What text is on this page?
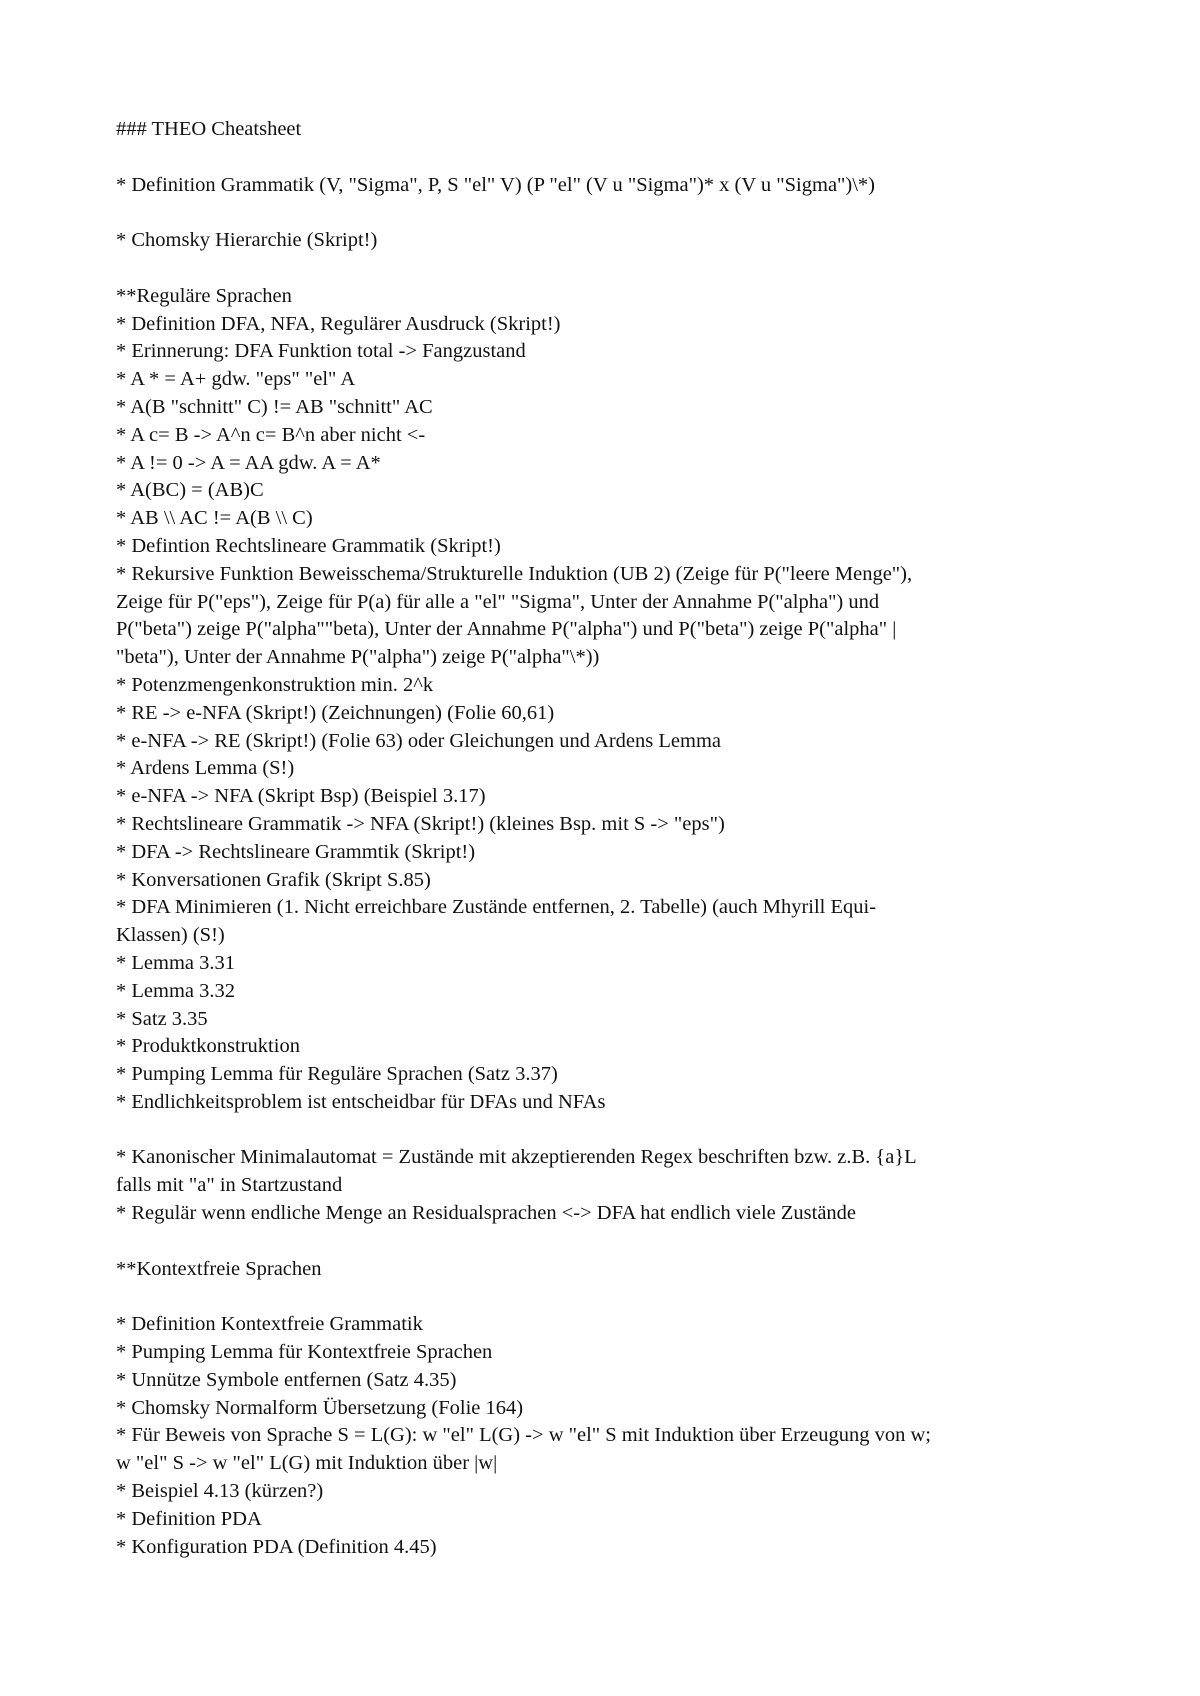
### THEO Cheatsheet

* Definition Grammatik (V, "Sigma", P, S "el" V) (P "el" (V u "Sigma")* x (V u "Sigma")\*)

* Chomsky Hierarchie (Skript!)

**Reguläre Sprachen

* Definition DFA, NFA, Regulärer Ausdruck (Skript!)

* Erinnerung: DFA Funktion total -> Fangzustand

* A * = A+ gdw. "eps" "el" A

* A(B "schnitt" C) != AB "schnitt" AC

* A c= B -> A^n c= B^n aber nicht <-

* A != 0 -> A = AA gdw. A = A*

* A(BC) = (AB)C

* AB \\ AC != A(B \\ C)

* Defintion Rechtslineare Grammatik (Skript!)

* Rekursive Funktion Beweisschema/Strukturelle Induktion (UB 2) (Zeige für P("leere Menge"),

Zeige für P("eps"), Zeige für P(a) für alle a "el" "Sigma", Unter der Annahme P("alpha") und

P("beta") zeige P("alpha""beta), Unter der Annahme P("alpha") und P("beta") zeige P("alpha" |

"beta"), Unter der Annahme P("alpha") zeige P("alpha"\*))

* Potenzmengenkonstruktion min. 2^k

* RE -> e-NFA (Skript!) (Zeichnungen) (Folie 60,61)

* e-NFA -> RE (Skript!) (Folie 63) oder Gleichungen und Ardens Lemma

* Ardens Lemma (S!)

* e-NFA -> NFA (Skript Bsp) (Beispiel 3.17)

* Rechtslineare Grammatik -> NFA (Skript!) (kleines Bsp. mit S -> "eps")

* DFA -> Rechtslineare Grammtik (Skript!)

* Konversationen Grafik (Skript S.85)

* DFA Minimieren (1. Nicht erreichbare Zustände entfernen, 2. Tabelle) (auch Mhyrill Equi-

Klassen) (S!)

* Lemma 3.31

* Lemma 3.32

* Satz 3.35

* Produktkonstruktion

* Pumping Lemma für Reguläre Sprachen (Satz 3.37)

* Endlichkeitsproblem ist entscheidbar für DFAs und NFAs

* Kanonischer Minimalautomat = Zustände mit akzeptierenden Regex beschriften bzw. z.B. {a}L

falls mit "a" in Startzustand

* Regulär wenn endliche Menge an Residualsprachen <-> DFA hat endlich viele Zustände

**Kontextfreie Sprachen

* Definition Kontextfreie Grammatik

* Pumping Lemma für Kontextfreie Sprachen

* Unnütze Symbole entfernen (Satz 4.35)

* Chomsky Normalform Übersetzung (Folie 164)

* Für Beweis von Sprache S = L(G): w "el" L(G) -> w "el" S mit Induktion über Erzeugung von w;

w "el" S -> w "el" L(G) mit Induktion über |w|

* Beispiel 4.13 (kürzen?)

* Definition PDA

* Konfiguration PDA (Definition 4.45)
